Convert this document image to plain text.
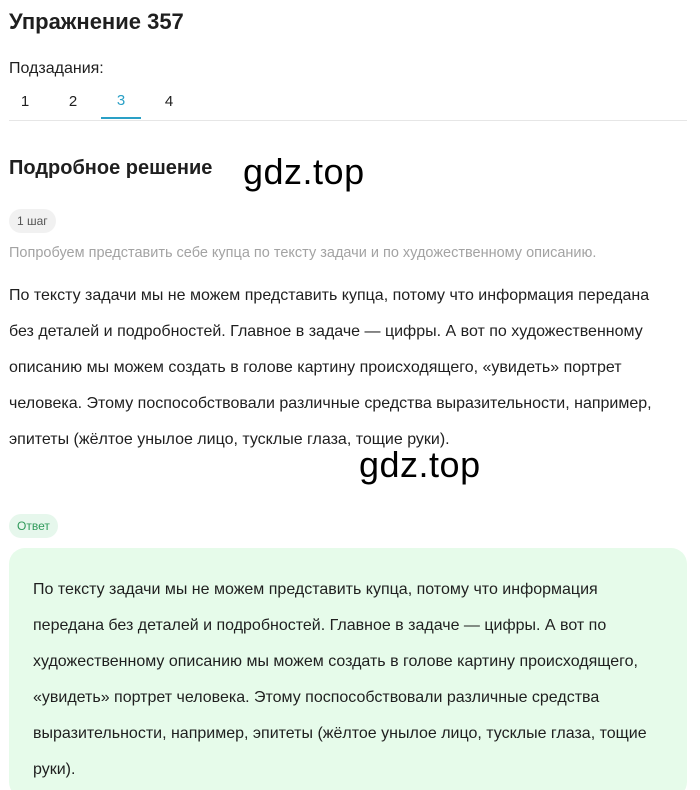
Упражнение 357
Подзадания:
1	2	3	4
Подробное решение gdz.top
1 шаг
Попробуем представить себе купца по тексту задачи и по художественному описанию.
По тексту задачи мы не можем представить купца, потому что информация передана без деталей и подробностей. Главное в задаче — цифры. А вот по художественному описанию мы можем создать в голове картину происходящего, «увидеть» портрет человека. Этому поспособствовали различные средства выразительности, например, эпитеты (жёлтое унылое лицо, тусклые глаза, тощие руки).
gdz.top
Ответ
По тексту задачи мы не можем представить купца, потому что информация передана без деталей и подробностей. Главное в задаче — цифры. А вот по художественному описанию мы можем создать в голове картину происходящего, «увидеть» портрет человека. Этому поспособствовали различные средства выразительности, например, эпитеты (жёлтое унылое лицо, тусклые глаза, тощие руки).
